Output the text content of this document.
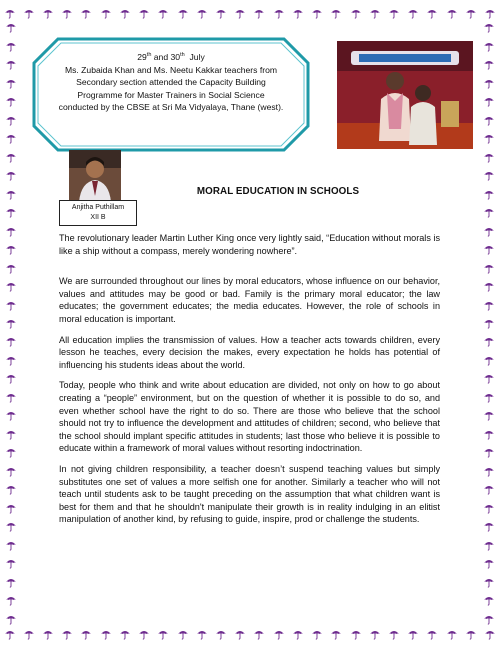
29th and 30th July
Ms. Zubaida Khan and Ms. Neetu Kakkar teachers from
Secondary section attended the Capacity Building
Programme for Master Trainers in Social Science
conducted by the CBSE at Sri Ma Vidyalaya, Thane (west).
Anjitha Puthillam
XII B
MORAL EDUCATION IN SCHOOLS

The revolutionary leader Martin Luther King once very lightly said, “Education without morals is like a ship without a compass, merely wondering nowhere”.

We are surrounded throughout our lines by moral educators, whose influence on our behavior, values and attitudes may be good or bad. Family is the primary moral educator; the law educates; the government educates; the media educates. However, the role of schools in moral education is important.

All education implies the transmission of values. How a teacher acts towards children, every lesson he teaches, every decision the makes, every expectation he holds has potential of influencing his students ideas about the world.

Today, people who think and write about education are divided, not only on how to go about creating a “people” environment, but on the question of whether it is possible to do so, and even whether school have the right to do so. There are those who believe that the school should not try to influence the development and attitudes of children; second, who believe that the school should implant specific attitudes in students; last those who believe it is possible to educate within a framework of moral values without resorting indoctrination.

In not giving children responsibility, a teacher doesn’t suspend teaching values but simply substitutes one set of values a more selfish one for another. Similarly a teacher who will not teach until students ask to be taught preceding on the assumption that what children want is best for them and that he shouldn't manipulate their growth is in reality indulging in an elitist manipulation of another kind, by refusing to guide, inspire, prod or challenge the students.
